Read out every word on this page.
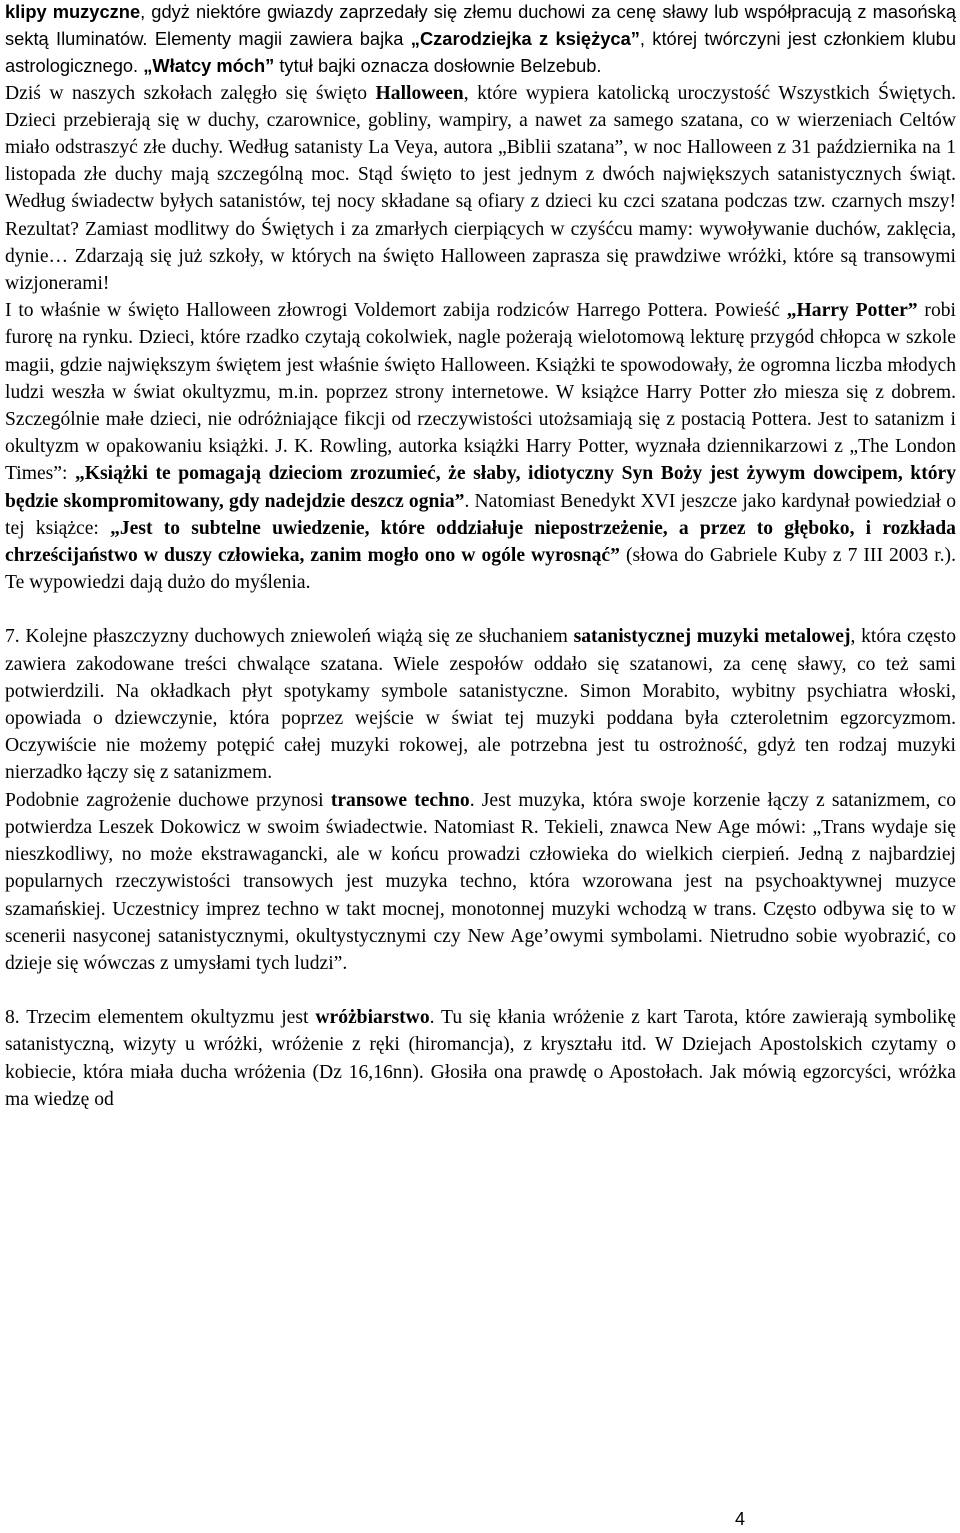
klipy muzyczne, gdyż niektóre gwiazdy zaprzedały się złemu duchowi za cenę sławy lub współpracują z masońską sektą Iluminatów. Elementy magii zawiera bajka „Czarodziejka z księżyca”, której twórczyni jest członkiem klubu astrologicznego. „Włatcy móch” tytuł bajki oznacza dosłownie Belzebub.

Dziś w naszych szkołach zalęgło się święto Halloween, które wypiera katolicką uroczystość Wszystkich Świętych. Dzieci przebierają się w duchy, czarownice, gobliny, wampiry, a nawet za samego szatana, co w wierzeniach Celtów miało odstraszyć złe duchy. Według satanisty La Veya, autora „Biblii szatana”, w noc Halloween z 31 października na 1 listopada złe duchy mają szczególną moc. Stąd święto to jest jednym z dwóch największych satanistycznych świąt. Według świadectw byłych satanistów, tej nocy składane są ofiary z dzieci ku czci szatana podczas tzw. czarnych mszy! Rezultat? Zamiast modlitwy do Świętych i za zmarłych cierpiących w czyśćcu mamy: wywoływanie duchów, zaklęcia, dynie… Zdarzają się już szkoły, w których na święto Halloween zaprasza się prawdziwe wróżki, które są transowymi wizjonerami!

I to właśnie w święto Halloween złowrogi Voldemort zabija rodziców Harrego Pottera. Powieść „Harry Potter” robi furorę na rynku. Dzieci, które rzadko czytają cokolwiek, nagle pożerają wielotomową lekturę przygód chłopca w szkole magii, gdzie największym świętem jest właśnie święto Halloween. Książki te spowodowały, że ogromna liczba młodych ludzi weszła w świat okultyzmu, m.in. poprzez strony internetowe. W książce Harry Potter zło miesza się z dobrem. Szczególnie małe dzieci, nie odróżniające fikcji od rzeczywistości utożsamiają się z postacią Pottera. Jest to satanizm i okultyzm w opakowaniu książki. J. K. Rowling, autorka książki Harry Potter, wyznała dziennikarzowi z „The London Times”: „Książki te pomagają dzieciom zrozumieć, że słaby, idiotyczny Syn Boży jest żywym dowcipem, który będzie skompromitowany, gdy nadejdzie deszcz ognia”. Natomiast Benedykt XVI jeszcze jako kardynał powiedział o tej książce: „Jest to subtelne uwiedzenie, które oddziałuje niepostrzeżenie, a przez to głęboko, i rozkłada chrześcijaństwo w duszy człowieka, zanim mogło ono w ogóle wyrosnąć” (słowa do Gabriele Kuby z 7 III 2003 r.). Te wypowiedzi dają dużo do myślenia.

7. Kolejne płaszczyzny duchowych zniewoleń wiążą się ze słuchaniem satanistycznej muzyki metalowej, która często zawiera zakodowane treści chwalące szatana. Wiele zespołów oddało się szatanowi, za cenę sławy, co też sami potwierdzili. Na okładkach płyt spotykamy symbole satanistyczne. Simon Morabito, wybitny psychiatra włoski, opowiada o dziewczynie, która poprzez wejście w świat tej muzyki poddana była czteroletnim egzorcyzmom. Oczywiście nie możemy potępić całej muzyki rokowej, ale potrzebna jest tu ostrożność, gdyż ten rodzaj muzyki nierzadko łączy się z satanizmem.

Podobnie zagrożenie duchowe przynosi transowe techno. Jest muzyka, która swoje korzenie łączy z satanizmem, co potwierdza Leszek Dokowicz w swoim świadectwie. Natomiast R. Tekieli, znawca New Age mówi: „Trans wydaje się nieszkodliwy, no może ekstrawagancki, ale w końcu prowadzi człowieka do wielkich cierpień. Jedną z najbardziej popularnych rzeczywistości transowych jest muzyka techno, która wzorowana jest na psychoaktywnej muzyce szamańskiej. Uczestnicy imprez techno w takt mocnej, monotonnej muzyki wchodzą w trans. Często odbywa się to w scenerii nasyconej satanistycznymi, okultystycznymi czy New Age’owymi symbolami. Nietrudno sobie wyobrazić, co dzieje się wówczas z umysłami tych ludzi”.

8. Trzecim elementem okultyzmu jest wróżbiarstwo. Tu się kłania wróżenie z kart Tarota, które zawierają symbolikę satanistyczną, wizyty u wróżki, wróżenie z ręki (hiromancja), z kryształu itd. W Dziejach Apostolskich czytamy o kobiecie, która miała ducha wróżenia (Dz 16,16nn). Głosiła ona prawdę o Apostołach. Jak mówią egzorcyści, wróżka ma wiedzę od

4
